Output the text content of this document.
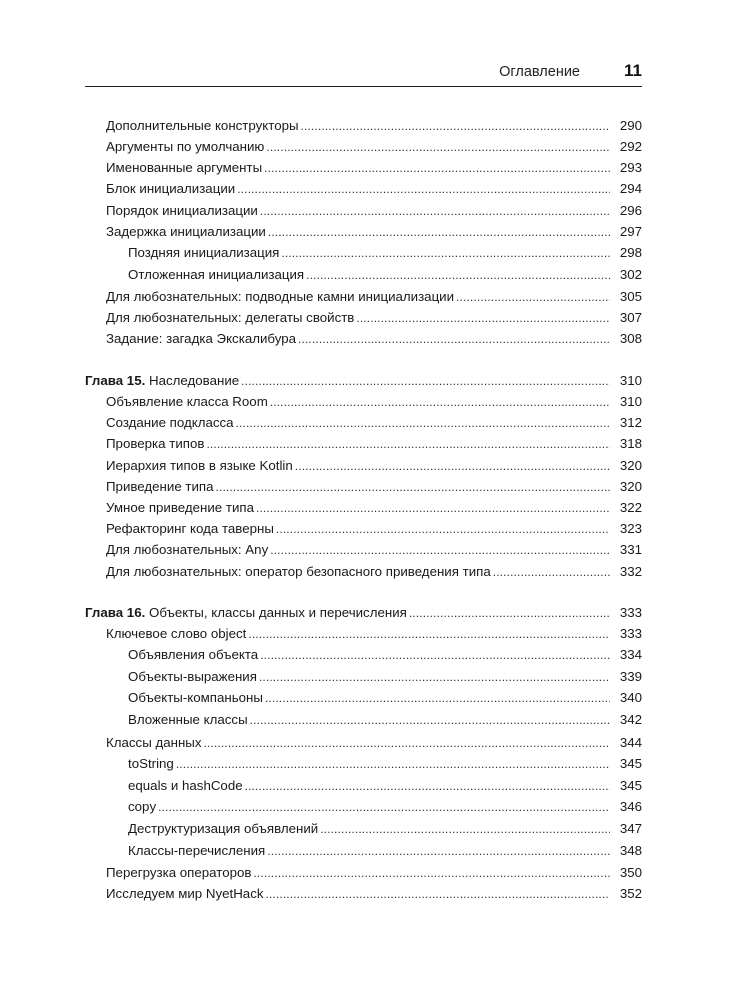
Оглавление	11
Дополнительные конструкторы . . .	290
Аргументы по умолчанию . . .	292
Именованные аргументы . . .	293
Блок инициализации . . .	294
Порядок инициализации . . .	296
Задержка инициализации . . .	297
Поздняя инициализация . . .	298
Отложенная инициализация . . .	302
Для любознательных: подводные камни инициализации . . .	305
Для любознательных: делегаты свойств . . .	307
Задание: загадка Экскалибура . . .	308
Глава 15. Наследование . . .	310
Объявление класса Room . . .	310
Создание подкласса . . .	312
Проверка типов . . .	318
Иерархия типов в языке Kotlin . . .	320
Приведение типа . . .	320
Умное приведение типа . . .	322
Рефакторинг кода таверны . . .	323
Для любознательных: Any . . .	331
Для любознательных: оператор безопасного приведения типа . . .	332
Глава 16. Объекты, классы данных и перечисления . . .	333
Ключевое слово object . . .	333
Объявления объекта . . .	334
Объекты-выражения . . .	339
Объекты-компаньоны . . .	340
Вложенные классы . . .	342
Классы данных . . .	344
toString . . .	345
equals и hashCode . . .	345
copy . . .	346
Деструктуризация объявлений . . .	347
Классы-перечисления . . .	348
Перегрузка операторов . . .	350
Исследуем мир NyetHack . . .	352
